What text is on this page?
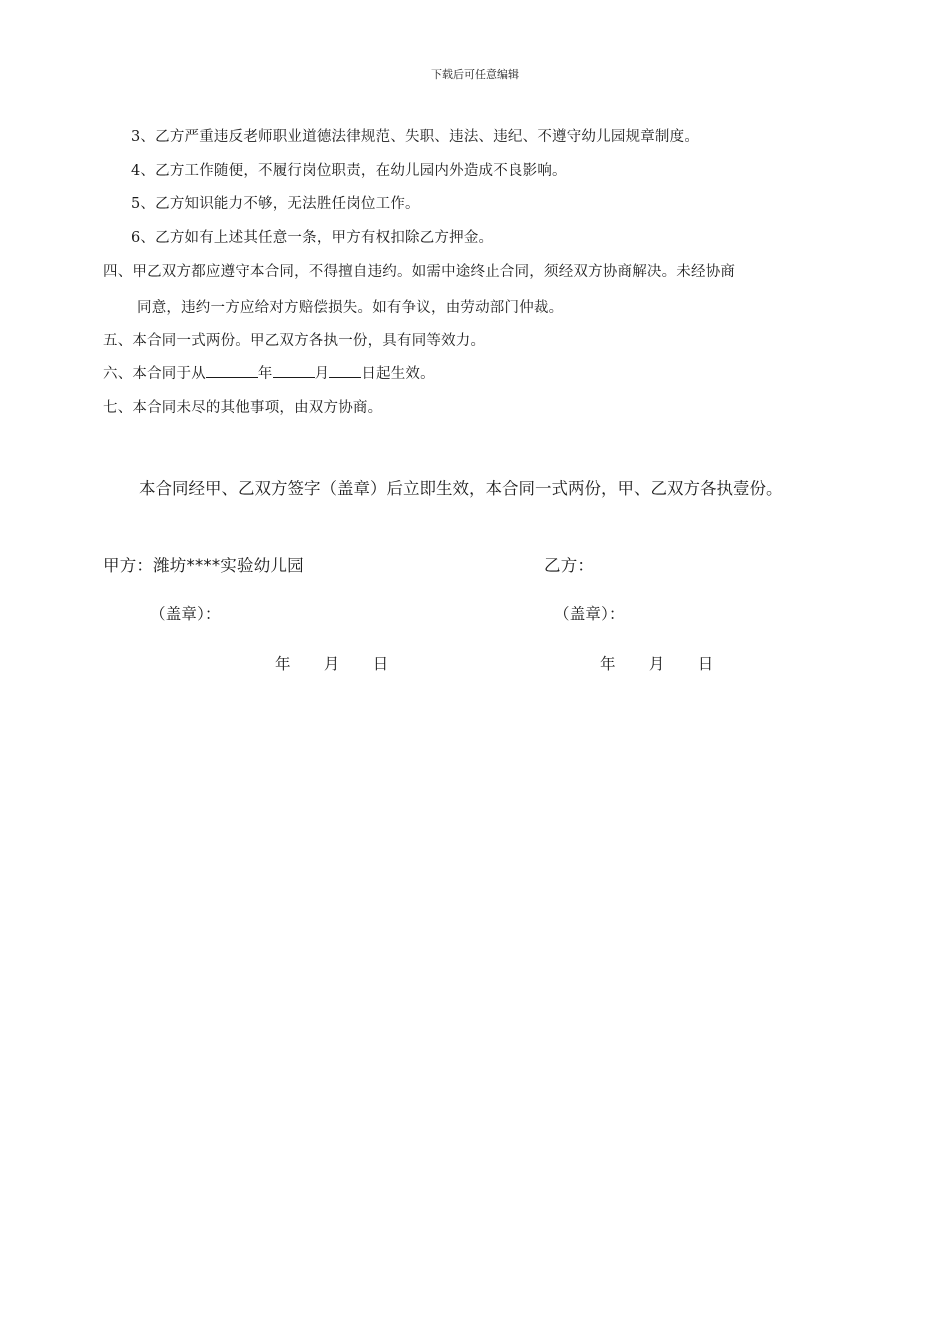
下载后可任意编辑
3、乙方严重违反老师职业道德法律规范、失职、违法、违纪、不遵守幼儿园规章制度。
4、乙方工作随便，不履行岗位职责，在幼儿园内外造成不良影响。
5、乙方知识能力不够，无法胜任岗位工作。
6、乙方如有上述其任意一条，甲方有权扣除乙方押金。
四、甲乙双方都应遵守本合同，不得擅自违约。如需中途终止合同，须经双方协商解决。未经协商
同意，违约一方应给对方赔偿损失。如有争议，由劳动部门仲裁。
五、本合同一式两份。甲乙双方各执一份，具有同等效力。
六、本合同于从	年	月 日起生效。
七、本合同未尽的其他事项，由双方协商。
本合同经甲、乙双方签字（盖章）后立即生效，本合同一式两份，甲、乙双方各执壹份。
甲方：潍坊****实验幼儿园	乙方：
（盖章）：	（盖章）：
年 月 日	年 月 日
